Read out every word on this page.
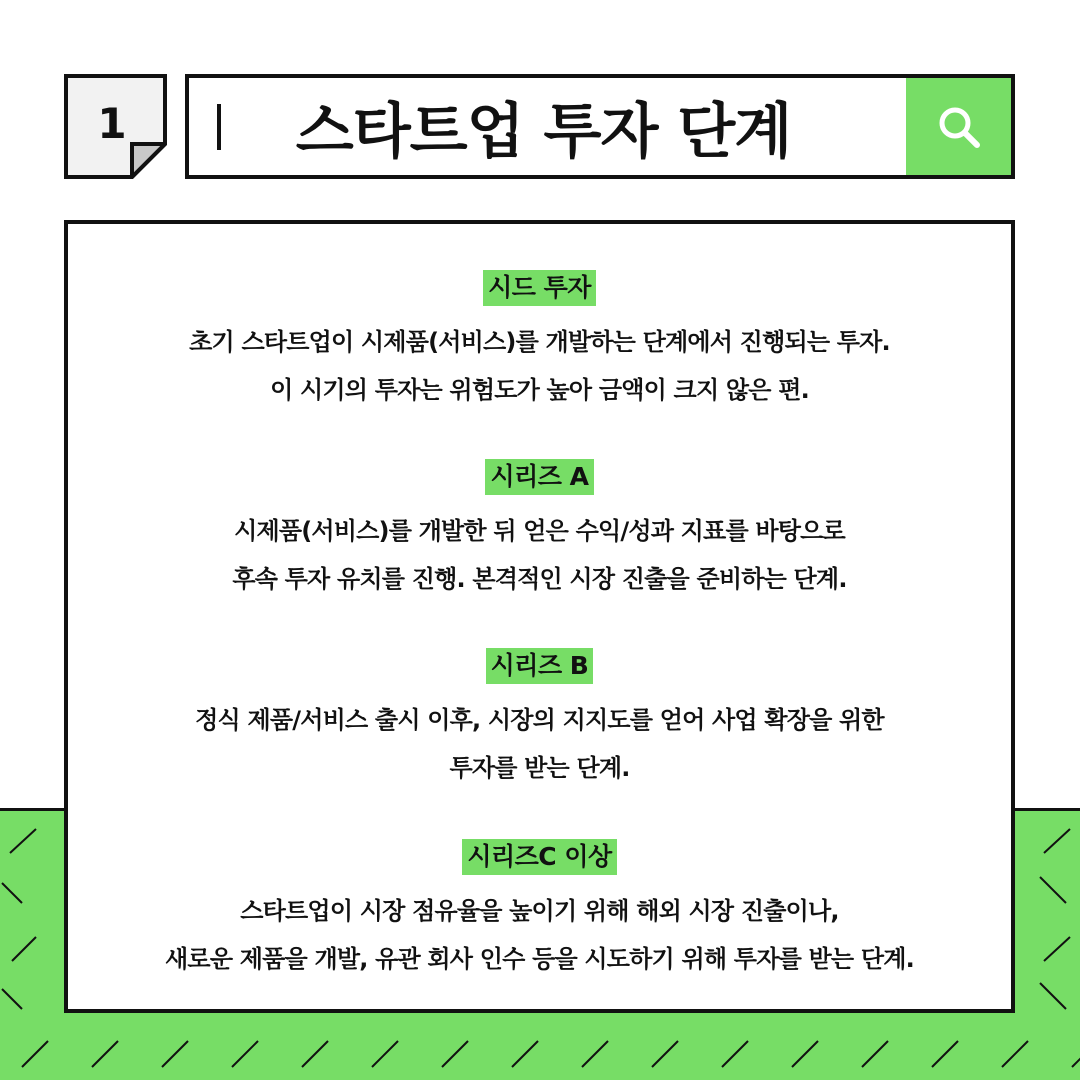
1	스타트업 투자 단계
시드 투자
초기 스타트업이 시제품(서비스)를 개발하는 단계에서 진행되는 투자.
이 시기의 투자는 위험도가 높아 금액이 크지 않은 편.
시리즈 A
시제품(서비스)를 개발한 뒤 얻은 수익/성과 지표를 바탕으로
후속 투자 유치를 진행. 본격적인 시장 진출을 준비하는 단계.
시리즈 B
정식 제품/서비스 출시 이후, 시장의 지지도를 얻어 사업 확장을 위한
투자를 받는 단계.
시리즈C 이상
스타트업이 시장 점유율을 높이기 위해 해외 시장 진출이나,
새로운 제품을 개발, 유관 회사 인수 등을 시도하기 위해 투자를 받는 단계.
